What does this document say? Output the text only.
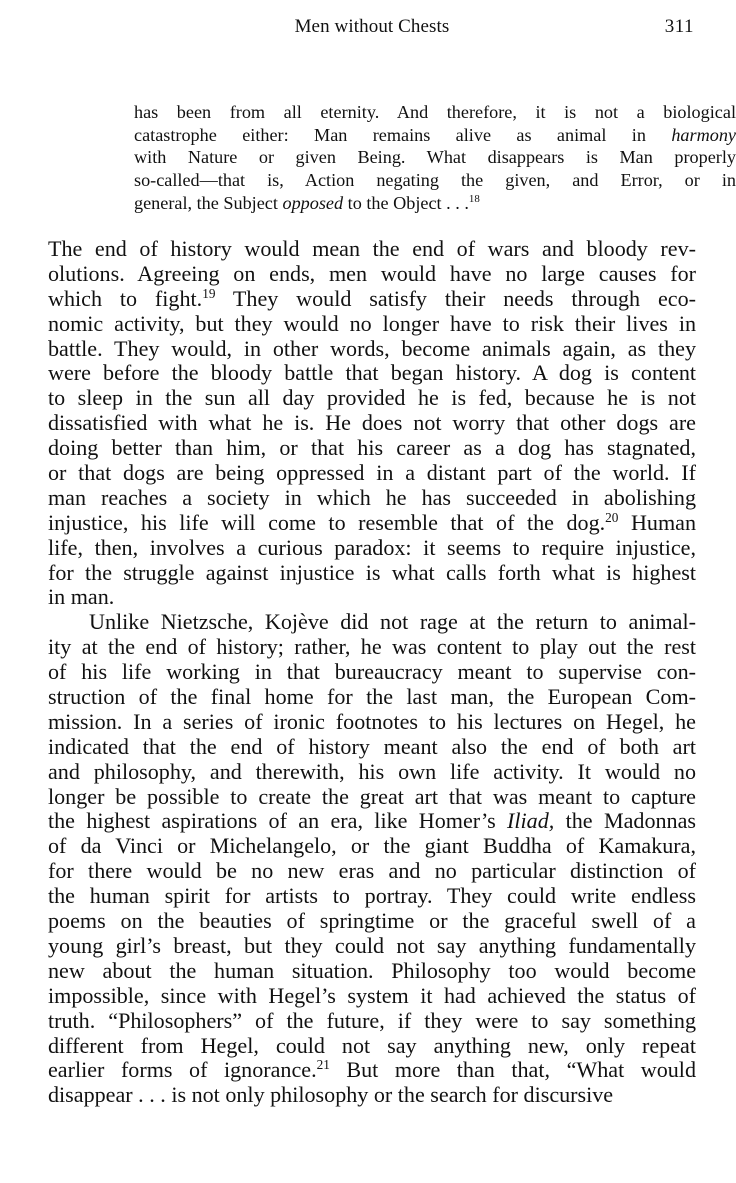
Men without Chests	311
has been from all eternity. And therefore, it is not a biological
catastrophe either: Man remains alive as animal in harmony
with Nature or given Being. What disappears is Man properly
so-called—that is, Action negating the given, and Error, or in
general, the Subject opposed to the Object . . .$^{18}$
The end of history would mean the end of wars and bloody rev-
olutions. Agreeing on ends, men would have no large causes for
which to fight.$^{19}$ They would satisfy their needs through eco-
nomic activity, but they would no longer have to risk their lives in
battle. They would, in other words, become animals again, as they
were before the bloody battle that began history. A dog is content
to sleep in the sun all day provided he is fed, because he is not
dissatisfied with what he is. He does not worry that other dogs are
doing better than him, or that his career as a dog has stagnated,
or that dogs are being oppressed in a distant part of the world. If
man reaches a society in which he has succeeded in abolishing
injustice, his life will come to resemble that of the dog.$^{20}$ Human
life, then, involves a curious paradox: it seems to require injustice,
for the struggle against injustice is what calls forth what is highest
in man.
Unlike Nietzsche, Kojève did not rage at the return to animal-
ity at the end of history; rather, he was content to play out the rest
of his life working in that bureaucracy meant to supervise con-
struction of the final home for the last man, the European Com-
mission. In a series of ironic footnotes to his lectures on Hegel, he
indicated that the end of history meant also the end of both art
and philosophy, and therewith, his own life activity. It would no
longer be possible to create the great art that was meant to capture
the highest aspirations of an era, like Homer’s Iliad, the Madonnas
of da Vinci or Michelangelo, or the giant Buddha of Kamakura,
for there would be no new eras and no particular distinction of
the human spirit for artists to portray. They could write endless
poems on the beauties of springtime or the graceful swell of a
young girl’s breast, but they could not say anything fundamentally
new about the human situation. Philosophy too would become
impossible, since with Hegel’s system it had achieved the status of
truth. “Philosophers” of the future, if they were to say something
different from Hegel, could not say anything new, only repeat
earlier forms of ignorance.$^{21}$ But more than that, “What would
disappear . . . is not only philosophy or the search for discursive
